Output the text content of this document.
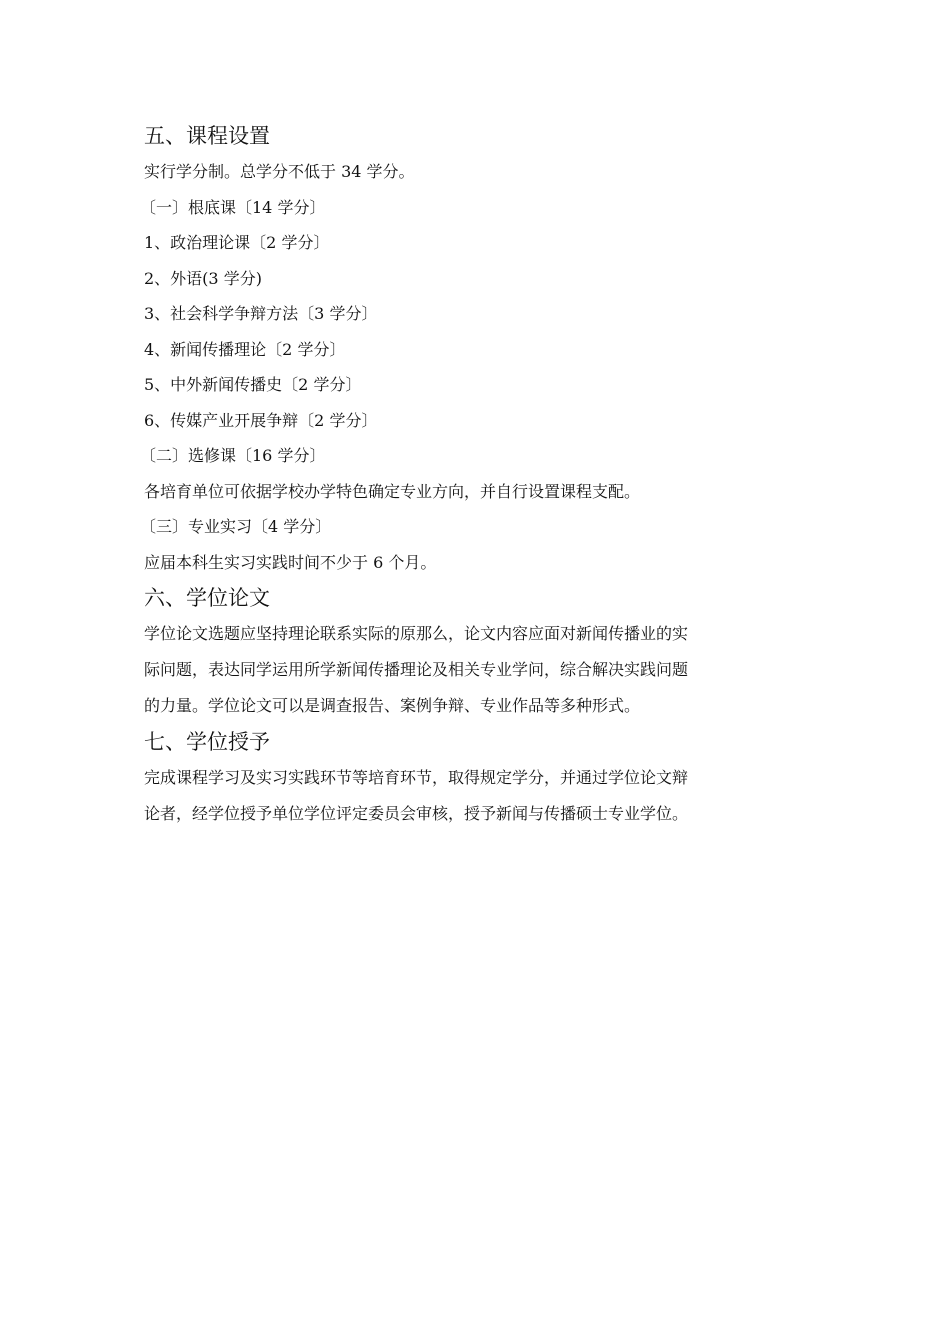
五、课程设置

实行学分制。总学分不低于 34 学分。

〔一〕根底课〔14 学分〕

1、政治理论课〔2 学分〕

2、外语(3 学分)

3、社会科学争辩方法〔3 学分〕

4、新闻传播理论〔2 学分〕

5、中外新闻传播史〔2 学分〕

6、传媒产业开展争辩〔2 学分〕

〔二〕选修课〔16 学分〕

各培育单位可依据学校办学特色确定专业方向，并自行设置课程支配。

〔三〕专业实习〔4 学分〕

应届本科生实习实践时间不少于 6 个月。

六、学位论文
学位论文选题应坚持理论联系实际的原那么，论文内容应面对新闻传播业的实
际问题，表达同学运用所学新闻传播理论及相关专业学问，综合解决实践问题
的力量。学位论文可以是调查报告、案例争辩、专业作品等多种形式。
七、学位授予
完成课程学习及实习实践环节等培育环节，取得规定学分，并通过学位论文辩
论者，经学位授予单位学位评定委员会审核，授予新闻与传播硕士专业学位。
